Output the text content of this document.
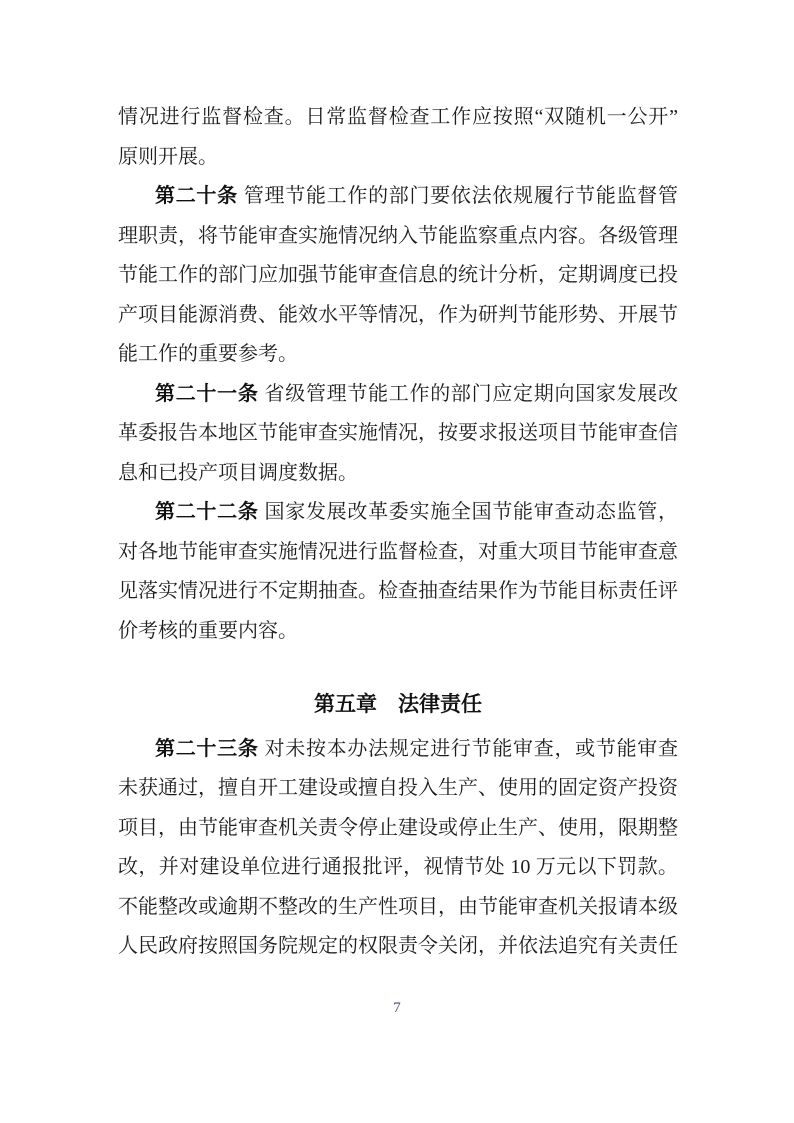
情况进行监督检查。日常监督检查工作应按照“双随机一公开”
原则开展。

第二十条 管理节能工作的部门要依法依规履行节能监督管
理职责，将节能审查实施情况纳入节能监察重点内容。各级管理
节能工作的部门应加强节能审查信息的统计分析，定期调度已投
产项目能源消费、能效水平等情况，作为研判节能形势、开展节
能工作的重要参考。

第二十一条 省级管理节能工作的部门应定期向国家发展改
革委报告本地区节能审查实施情况，按要求报送项目节能审查信
息和已投产项目调度数据。

第二十二条 国家发展改革委实施全国节能审查动态监管，
对各地节能审查实施情况进行监督检查，对重大项目节能审查意
见落实情况进行不定期抽查。检查抽查结果作为节能目标责任评
价考核的重要内容。

第五章　法律责任

第二十三条 对未按本办法规定进行节能审查，或节能审查
未获通过，擅自开工建设或擅自投入生产、使用的固定资产投资
项目，由节能审查机关责令停止建设或停止生产、使用，限期整
改，并对建设单位进行通报批评，视情节处 10 万元以下罚款。
不能整改或逾期不整改的生产性项目，由节能审查机关报请本级
人民政府按照国务院规定的权限责令关闭，并依法追究有关责任

7
